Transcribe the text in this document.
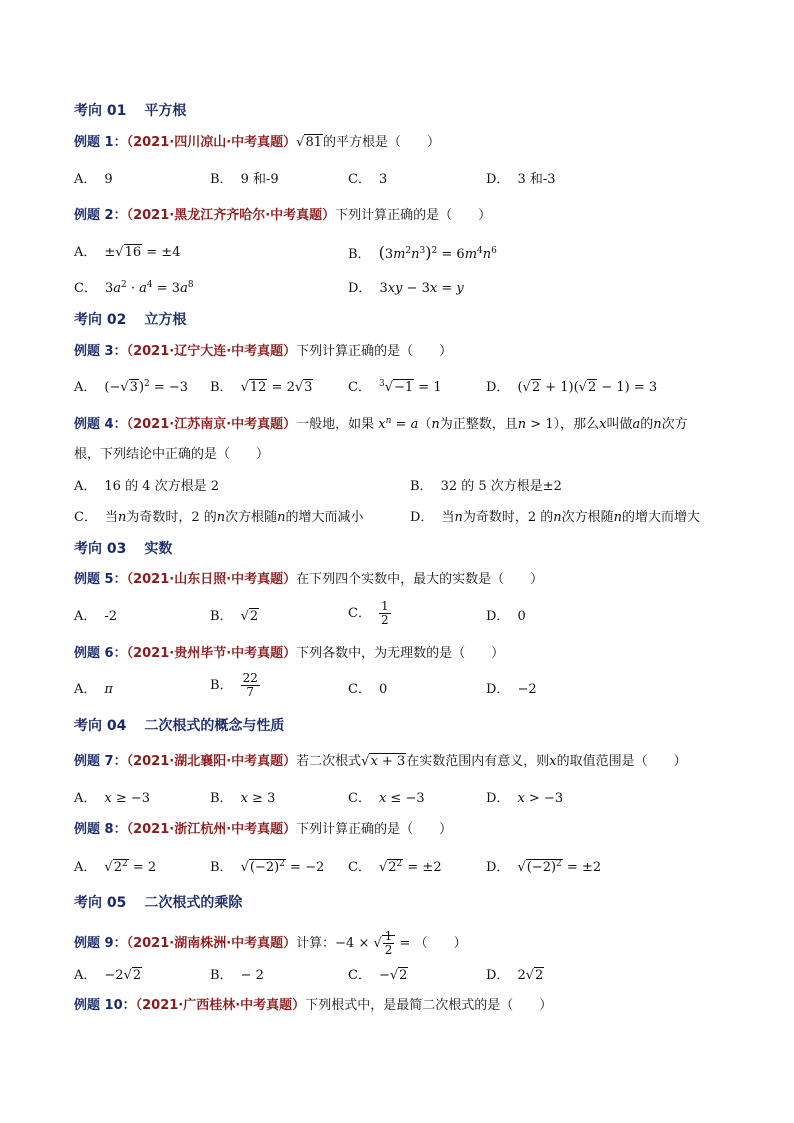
考向 01 平方根
例题 1：（2021·四川凉山·中考真题）√81的平方根是（　　）
A． 9	B． 9 和-9	C． 3	D． 3 和-3
例题 2：（2021·黑龙江齐齐哈尔·中考真题）下列计算正确的是（　　）
A． ±√16 = ±4	B． $(3m^2n^3)^2 = 6m^4n^6$
C． $3a^2 \cdot a^4 = 3a^8$	D． 3xy − 3x = y
考向 02 立方根
例题 3：（2021·辽宁大连·中考真题）下列计算正确的是（　　）
A． $(-√3)^2 = -3$ B． √12 = 2√3	C． $^3$√−1 = 1	D． (√2 + 1)(√2 − 1) = 3
例题 4：（2021·江苏南京·中考真题）一般地，如果 $x^n = a(n$为正整数，且n > 1），那么x叫做a的n次方
根，下列结论中正确的是（　　）
A． 16 的 4 次方根是 2	B． 32 的 5 次方根是±2
C． 当n为奇数时，2 的n次方根随n的增大而减小	D． 当n为奇数时，2 的n次方根随n的增大而增大
考向 03 实数
例题 5：（2021·山东日照·中考真题）在下列四个实数中，最大的实数是（　　）
A． -2	B． √2	C． $\frac{1}{2}$	D． 0
例题 6：（2021·贵州毕节·中考真题）下列各数中，为无理数的是（　　）
A． π	B． $\frac{22}{7}$	C． 0	D． −2
考向 04 二次根式的概念与性质
例题 7：（2021·湖北襄阳·中考真题）若二次根式√x + 3在实数范围内有意义，则x的取值范围是（　　）
A． x ≥ −3	B． x ≥ 3	C． x ≤ −3	D． x > −3
例题 8：（2021·浙江杭州·中考真题）下列计算正确的是（　　）
A． $√2^2 = 2$	B． $√(-2)^2 = -2$ C． $√2^2 = \pm 2$	D． $√(-2)^2 = \pm 2$
考向 05 二次根式的乘除
例题 9：（2021·湖南株洲·中考真题）计算：−4 × √ $\frac{1}{2}$ = （　　）
A． −2√2	B． − 2	C． −√2	D． 2√2
例题 10：（2021·广西桂林·中考真题）下列根式中，是最简二次根式的是（　　）
